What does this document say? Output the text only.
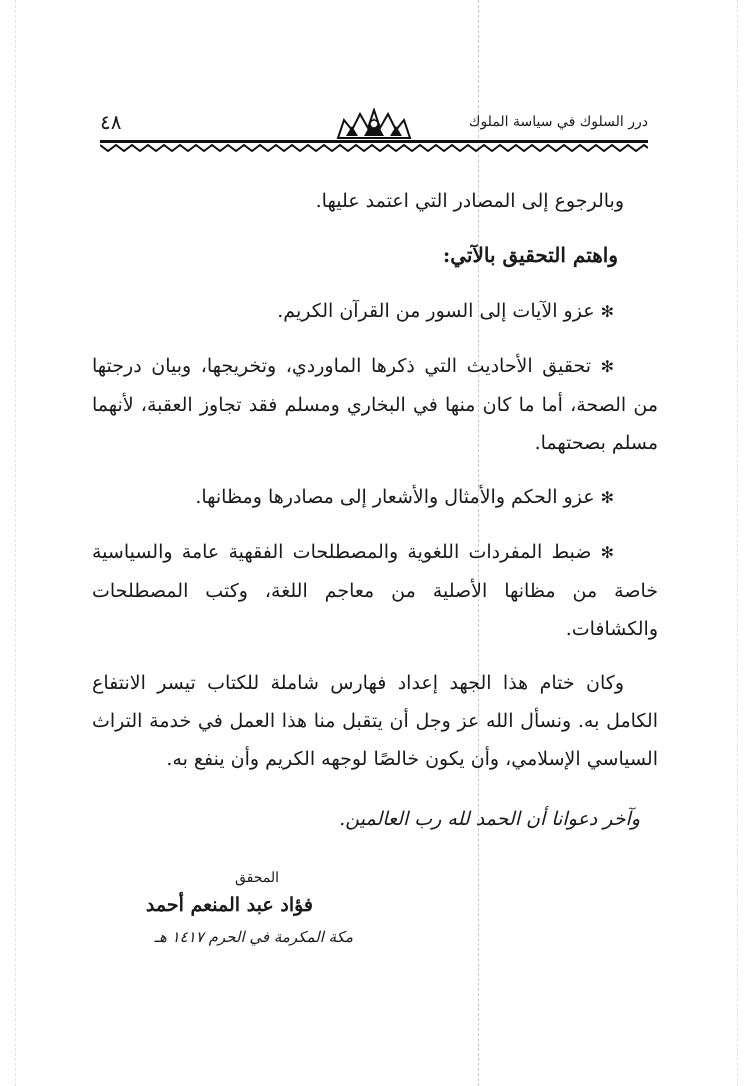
درر السلوك في سياسة الملوك
٤٨

وبالرجوع إلى المصادر التي اعتمد عليها.

واهتم التحقيق بالآتي:

✻ عزو الآيات إلى السور من القرآن الكريم.

✻ تحقيق الأحاديث التي ذكرها الماوردي، وتخريجها، وبيان درجتها من الصحة، أما ما كان منها في البخاري ومسلم فقد تجاوز العقبة، لأنهما مسلم بصحتهما.

✻ عزو الحكم والأمثال والأشعار إلى مصادرها ومظانها.

✻ ضبط المفردات اللغوية والمصطلحات الفقهية عامة والسياسية خاصة من مظانها الأصلية من معاجم اللغة، وكتب المصطلحات والكشافات.

وكان ختام هذا الجهد إعداد فهارس شاملة للكتاب تيسر الانتفاع الكامل به. ونسأل الله عز وجل أن يتقبل منا هذا العمل في خدمة التراث السياسي الإسلامي، وأن يكون خالصًا لوجهه الكريم وأن ينفع به.

وآخر دعوانا أن الحمد لله رب العالمين.

المحقق

فؤاد عبد المنعم أحمد

مكة المكرمة في الحرم ١٤١٧ هـ
